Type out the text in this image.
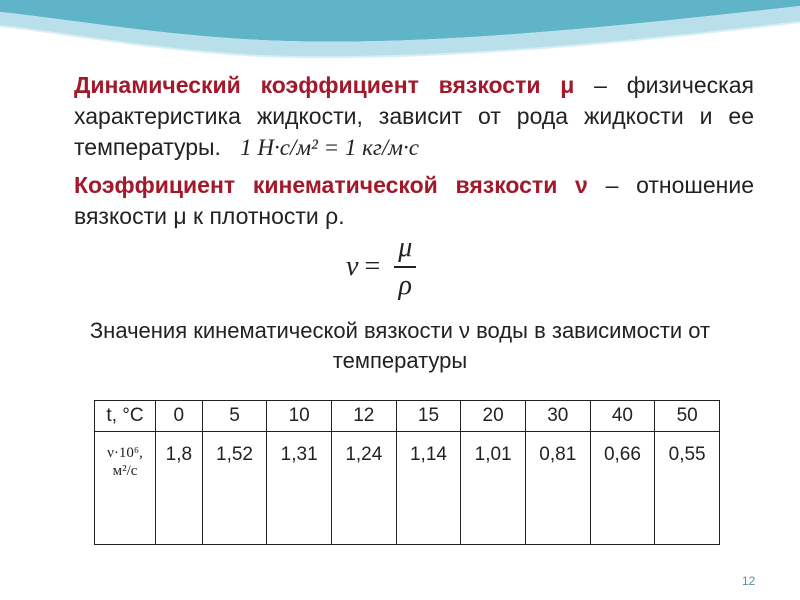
Динамический коэффициент вязкости μ – физическая характеристика жидкости, зависит от рода жидкости и ее температуры. 1 Н·с/м² = 1 кг/м·с
Коэффициент кинематической вязкости ν – отношение вязкости μ к плотности ρ.
$\nu = \frac{\mu}{\rho}$
Значения кинематической вязкости ν воды в зависимости от температуры
t, °C	0	5	10	12	15	20	30	40	50

ν·10⁶,
м²/с	1,8	1,52	1,31	1,24	1,14	1,01	0,81	0,66	0,55
12
